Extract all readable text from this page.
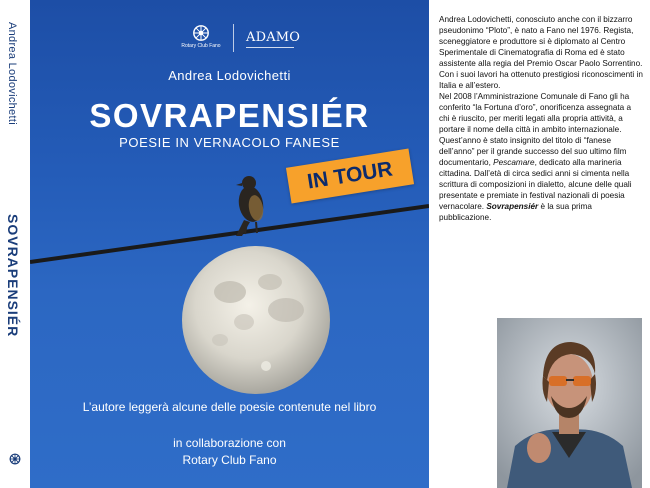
Andrea Lodovichetti
SOVRAPENSIÉR
Rotary Club Fano
ADAMO
Andrea Lodovichetti
SOVRAPENSIÉR
POESIE IN VERNACOLO FANESE
IN TOUR
L’autore leggerà alcune delle poesie contenute nel libro
in collaborazione con
Rotary Club Fano

Andrea Lodovichetti, conosciuto anche con il bizzarro pseudonimo “Ploto”, è nato a Fano nel 1976. Regista, sceneggiatore e produttore si è diplomato al Centro Sperimentale di Cinematografia di Roma ed è stato assistente alla regia del Premio Oscar Paolo Sorrentino. Con i suoi lavori ha ottenuto prestigiosi riconoscimenti in Italia e all’estero.

Nel 2008 l’Amministrazione Comunale di Fano gli ha conferito “la Fortuna d’oro”, onorificenza assegnata a chi è riuscito, per meriti legati alla propria attività, a portare il nome della città in ambito internazionale. Quest’anno è stato insignito del titolo di “fanese dell’anno” per il grande successo del suo ultimo film documentario, Pescamare, dedicato alla marineria cittadina. Dall’età di circa sedici anni si cimenta nella scrittura di composizioni in dialetto, alcune delle quali presentate e premiate in festival nazionali di poesia vernacolare. Sovrapensiér è la sua prima pubblicazione.
